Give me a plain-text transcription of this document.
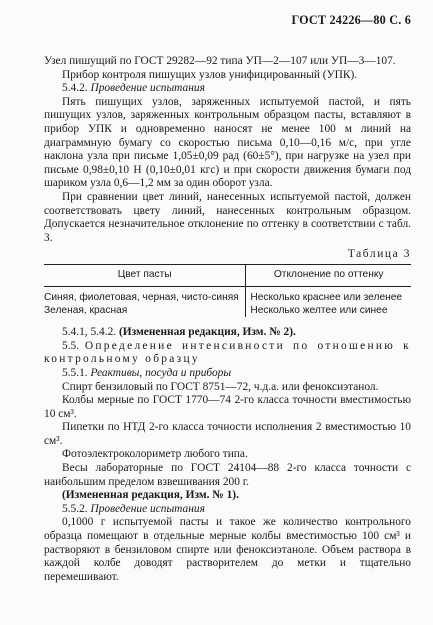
ГОСТ 24226—80 С. 6

Узел пишущий по ГОСТ 29282—92 типа УП—2—107 или УП—3—107.

Прибор контроля пишущих узлов унифицированный (УПК).

5.4.2. Проведение испытания

Пять пишущих узлов, заряженных испытуемой пастой, и пять пишущих узлов, заряженных контрольным образцом пасты, вставляют в прибор УПК и одновременно наносят не менее 100 м линий на диаграммную бумагу со скоростью письма 0,10—0,16 м/с, при угле наклона узла при письме 1,05±0,09 рад (60±5°), при нагрузке на узел при письме 0,98±0,10 Н (0,10±0,01 кгс) и при скорости движения бумаги под шариком узла 0,6—1,2 мм за один оборот узла.

При сравнении цвет линий, нанесенных испытуемой пастой, должен соответствовать цвету линий, нанесенных контрольным образцом. Допускается незначительное отклонение по оттенку в соответствии с табл. 3.

Таблица 3
Цвет пасты	Отклонение по оттенку
Синяя, фиолетовая, черная, чисто-синяя	Несколько краснее или зеленее
Зеленая, красная	Несколько желтее или синее

5.4.1, 5.4.2. (Измененная редакция, Изм. № 2).

5.5. Определение интенсивности по отношению к контрольному образцу

5.5.1. Реактивы, посуда и приборы

Спирт бензиловый по ГОСТ 8751—72, ч.д.а. или феноксиэтанол.

Колбы мерные по ГОСТ 1770—74 2-го класса точности вместимостью 10 см³.

Пипетки по НТД 2-го класса точности исполнения 2 вместимостью 10 см³.

Фотоэлектроколориметр любого типа.

Весы лабораторные по ГОСТ 24104—88 2-го класса точности с наибольшим пределом взвешивания 200 г.

(Измененная редакция, Изм. № 1).

5.5.2. Проведение испытания

0,1000 г испытуемой пасты и такое же количество контрольного образца помещают в отдельные мерные колбы вместимостью 100 см³ и растворяют в бензиловом спирте или феноксиэтаноле. Объем раствора в каждой колбе доводят растворителем до метки и тщательно перемешивают.
